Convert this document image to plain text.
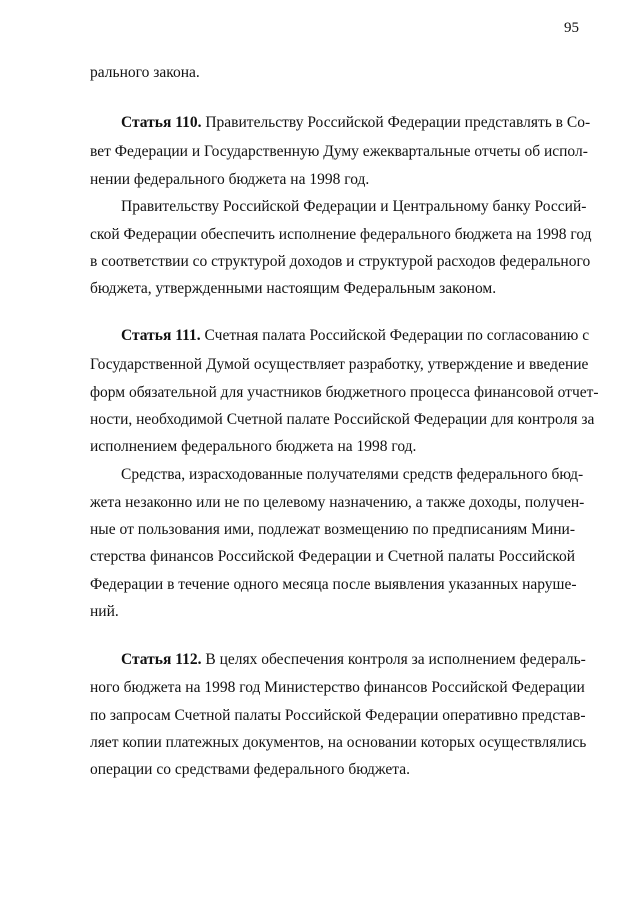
95
рального закона.
Статья 110. Правительству Российской Федерации представлять в Со-
вет Федерации и Государственную Думу ежеквартальные отчеты об испол-
нении федерального бюджета на 1998 год.
Правительству Российской Федерации и Центральному банку Россий-
ской Федерации обеспечить исполнение федерального бюджета на 1998 год
в соответствии со структурой доходов и структурой расходов федерального
бюджета, утвержденными настоящим Федеральным законом.
Статья 111. Счетная палата Российской Федерации по согласованию с
Государственной Думой осуществляет разработку, утверждение и введение
форм обязательной для участников бюджетного процесса финансовой отчет-
ности, необходимой Счетной палате Российской Федерации для контроля за
исполнением федерального бюджета на 1998 год.
Средства, израсходованные получателями средств федерального бюд-
жета незаконно или не по целевому назначению, а также доходы, получен-
ные от пользования ими, подлежат возмещению по предписаниям Мини-
стерства финансов Российской Федерации и Счетной палаты Российской
Федерации в течение одного месяца после выявления указанных наруше-
ний.
Статья 112. В целях обеспечения контроля за исполнением федераль-
ного бюджета на 1998 год Министерство финансов Российской Федерации
по запросам Счетной палаты Российской Федерации оперативно представ-
ляет копии платежных документов, на основании которых осуществлялись
операции со средствами федерального бюджета.
